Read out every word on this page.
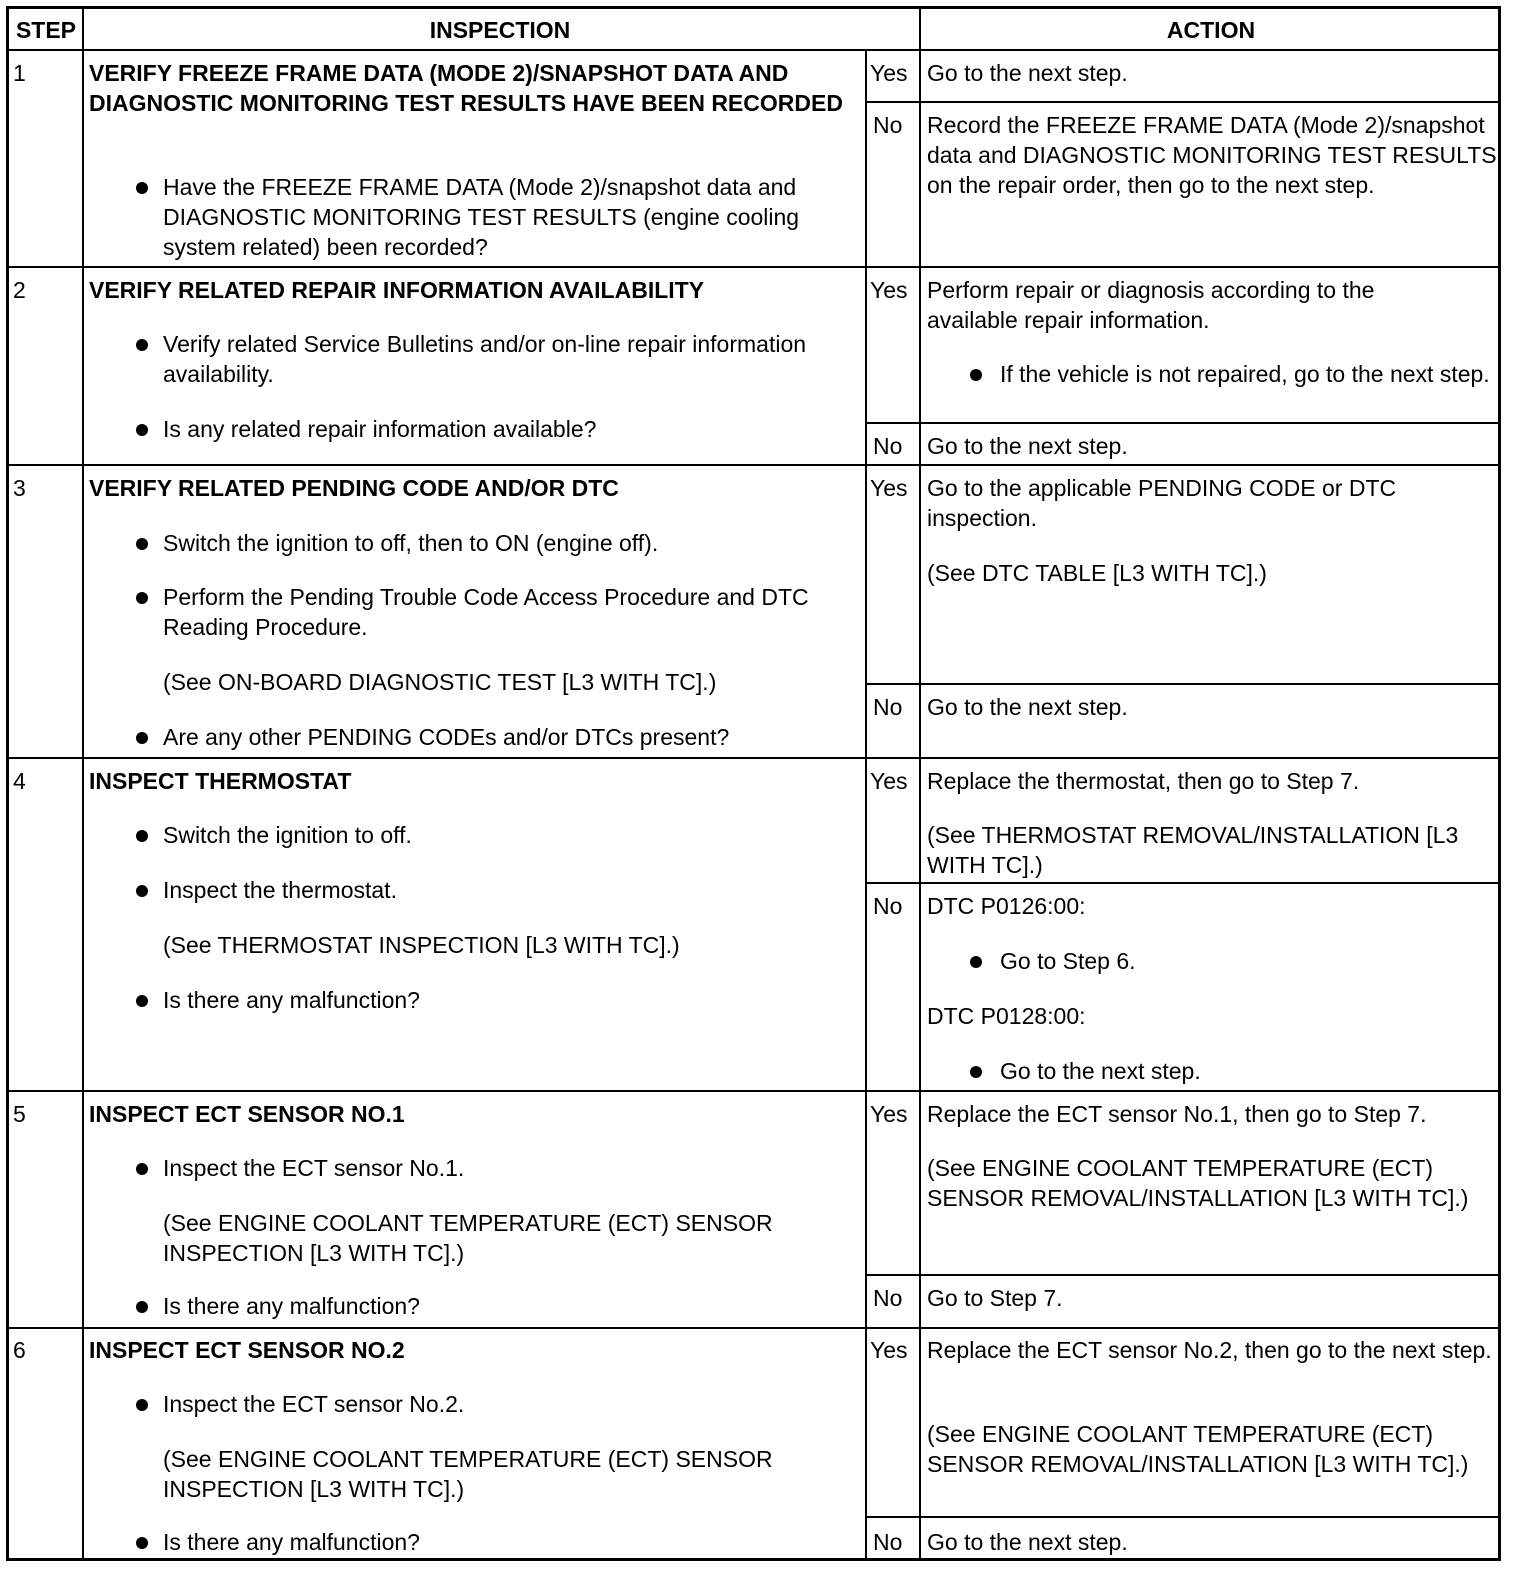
STEP	INSPECTION	ACTION
1	VERIFY FREEZE FRAME DATA (MODE 2)/SNAPSHOT DATA AND DIAGNOSTIC MONITORING TEST RESULTS HAVE BEEN RECORDED
Have the FREEZE FRAME DATA (Mode 2)/snapshot data and DIAGNOSTIC MONITORING TEST RESULTS (engine cooling system related) been recorded?
Yes Go to the next step.
No Record the FREEZE FRAME DATA (Mode 2)/snapshot data and DIAGNOSTIC MONITORING TEST RESULTS on the repair order, then go to the next step.
2	VERIFY RELATED REPAIR INFORMATION AVAILABILITY
Verify related Service Bulletins and/or on-line repair information availability.
Is any related repair information available?
Yes Perform repair or diagnosis according to the available repair information.
If the vehicle is not repaired, go to the next step.
No Go to the next step.
3	VERIFY RELATED PENDING CODE AND/OR DTC
Switch the ignition to off, then to ON (engine off).
Perform the Pending Trouble Code Access Procedure and DTC Reading Procedure.
(See ON-BOARD DIAGNOSTIC TEST [L3 WITH TC].)
Are any other PENDING CODEs and/or DTCs present?
Yes Go to the applicable PENDING CODE or DTC inspection.
(See DTC TABLE [L3 WITH TC].)
No Go to the next step.
4	INSPECT THERMOSTAT
Switch the ignition to off.
Inspect the thermostat.
(See THERMOSTAT INSPECTION [L3 WITH TC].)
Is there any malfunction?
Yes Replace the thermostat, then go to Step 7.
(See THERMOSTAT REMOVAL/INSTALLATION [L3 WITH TC].)
No DTC P0126:00:
Go to Step 6.
DTC P0128:00:
Go to the next step.
5	INSPECT ECT SENSOR NO.1
Inspect the ECT sensor No.1.
(See ENGINE COOLANT TEMPERATURE (ECT) SENSOR INSPECTION [L3 WITH TC].)
Is there any malfunction?
Yes Replace the ECT sensor No.1, then go to Step 7.
(See ENGINE COOLANT TEMPERATURE (ECT) SENSOR REMOVAL/INSTALLATION [L3 WITH TC].)
No Go to Step 7.
6	INSPECT ECT SENSOR NO.2
Inspect the ECT sensor No.2.
(See ENGINE COOLANT TEMPERATURE (ECT) SENSOR INSPECTION [L3 WITH TC].)
Is there any malfunction?
Yes Replace the ECT sensor No.2, then go to the next step.
(See ENGINE COOLANT TEMPERATURE (ECT) SENSOR REMOVAL/INSTALLATION [L3 WITH TC].)
No Go to the next step.
